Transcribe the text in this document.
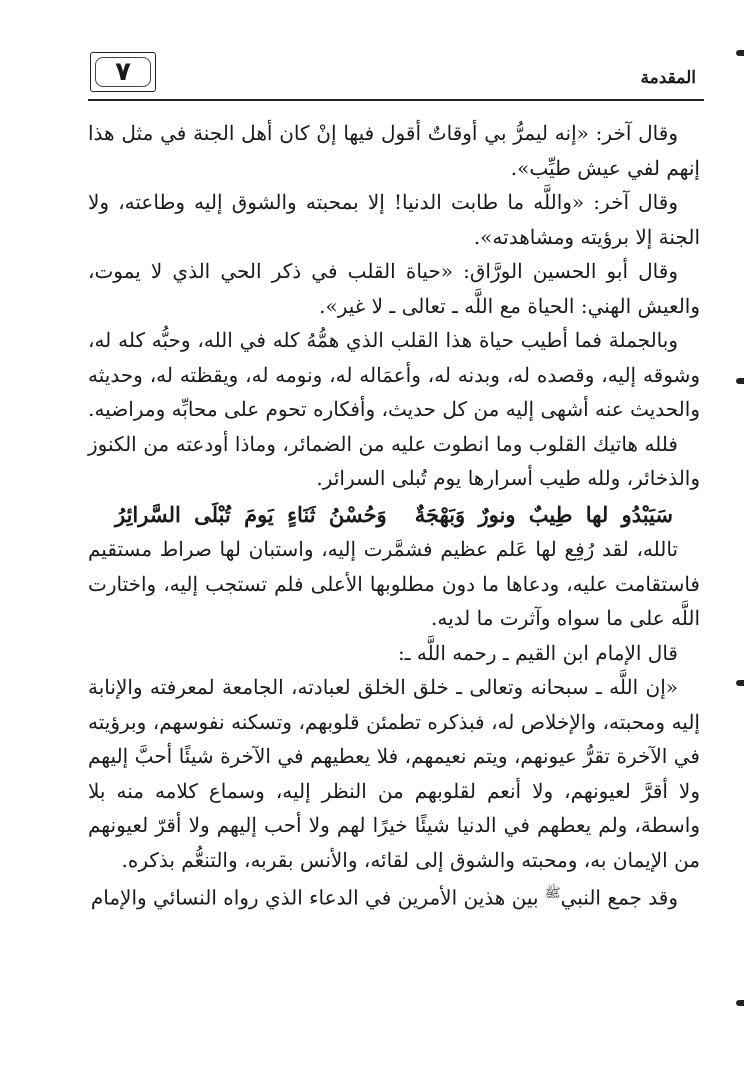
٧	المقدمة

وقال آخر: «إنه ليمرُّ بي أوقاتٌ أقول فيها إنْ كان أهل الجنة في مثل هذا إنهم لفي عيش طيِّب».

وقال آخر: «واللَّه ما طابت الدنيا! إلا بمحبته والشوق إليه وطاعته، ولا الجنة إلا برؤيته ومشاهدته».

وقال أبو الحسين الورَّاق: «حياة القلب في ذكر الحي الذي لا يموت، والعيش الهني: الحياة مع اللَّه ـ تعالى ـ لا غير».

وبالجملة فما أطيب حياة هذا القلب الذي همُّهُ كله في الله، وحبُّه كله له، وشوقه إليه، وقصده له، وبدنه له، وأعمَاله له، ونومه له، ويقظته له، وحديثه والحديث عنه أشهى إليه من كل حديث، وأفكاره تحوم على محابِّه ومراضيه.

فلله هاتيك القلوب وما انطوت عليه من الضمائر، وماذا أودعته من الكنوز والذخائر، ولله طيب أسرارها يوم تُبلى السرائر.

سَيَبْدُو لها طِيبٌ ونورٌ وَبَهْجَةٌوَحُسْنُ ثَنَاءٍ يَومَ تُبْلَى السَّرائِرُ

تالله، لقد رُفِع لها عَلم عظيم فشمَّرت إليه، واستبان لها صراط مستقيم فاستقامت عليه، ودعاها ما دون مطلوبها الأعلى فلم تستجب إليه، واختارت اللَّه على ما سواه وآثرت ما لديه.

قال الإمام ابن القيم ـ رحمه اللَّه ـ:

«إن اللَّه ـ سبحانه وتعالى ـ خلق الخلق لعبادته، الجامعة لمعرفته والإنابة إليه ومحبته، والإخلاص له، فبذكره تطمئن قلوبهم، وتسكنه نفوسهم، وبرؤيته في الآخرة تقرُّ عيونهم، ويتم نعيمهم، فلا يعطيهم في الآخرة شيئًا أحبَّ إليهم ولا أقرَّ لعيونهم، ولا أنعم لقلوبهم من النظر إليه، وسماع كلامه منه بلا واسطة، ولم يعطهم في الدنيا شيئًا خيرًا لهم ولا أحب إليهم ولا أقرّ لعيونهم من الإيمان به، ومحبته والشوق إلى لقائه، والأنس بقربه، والتنعُّم بذكره.

وقد جمع النبي$^ﷺ$ بين هذين الأمرين في الدعاء الذي رواه النسائي والإمام
